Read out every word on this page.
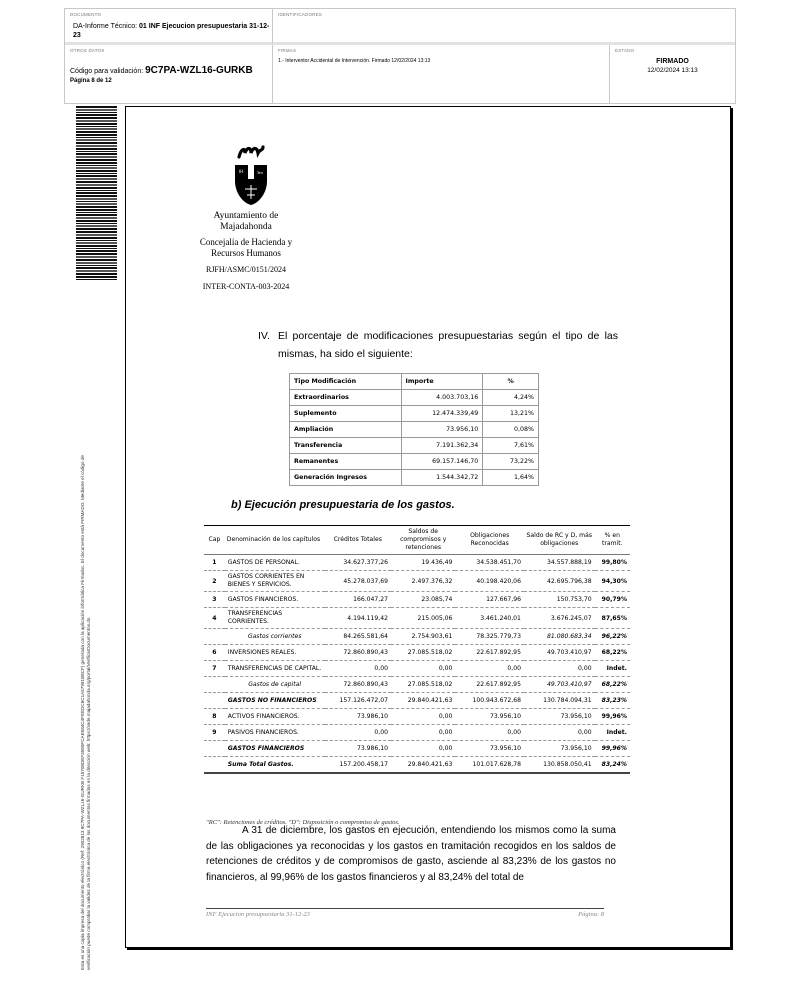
DOCUMENTO
DA-Informe Técnico: 01 INF Ejecucion presupuestaria 31-12-23
IDENTIFICADORES
OTROS DATOS
Código para validación: 9C7PA-WZL16-GURKB
Página 8 de 12
FIRMAS
1.- Interventor Accidental de Intervención. Firmado 12/02/2024 13:13
ESTADO
FIRMADO
12/02/2024 13:13
Esta es una copia impresa del documento electrónico (Ref: 2902813 9C7PA-WZL16-GURKB F15708DEF3580FCAE584C4FEEDC6C1A57991B8CF) generada con la aplicación informática Firmadoc. El documento está FIRMADO. Mediante el código de verificación puede comprobar la validez de la firma electrónica de los documentos firmados en la dirección web: https://sede.majadahonda.org/portal/VerificarDocumentos.do
IH	Ten
Ayuntamiento de
Majadahonda
Concejalía de Hacienda y
Recursos Humanos
RJFH/ASMC/0151/2024
INTER-CONTA-003-2024
IV. El porcentaje de modificaciones presupuestarias según el tipo de las mismas, ha sido el siguiente:
Tipo Modificación	Importe	%
Extraordinarios	4.003.703,16	4,24%
Suplemento	12.474.339,49	13,21%
Ampliación	73.956,10	0,08%
Transferencia	7.191.362,34	7,61%
Remanentes	69.157.146,70	73,22%
Generación Ingresos	1.544.342,72	1,64%
b) Ejecución presupuestaria de los gastos.
Cap	Denominación de los capítulos	Créditos Totales	Saldos de compromisos y retenciones	Obligaciones Reconocidas	Saldo de RC y D, más obligaciones	% en tramit.
1	GASTOS DE PERSONAL.	34.627.377,26	19.436,49	34.538.451,70	34.557.888,19	99,80%
2	GASTOS CORRIENTES EN BIENES Y SERVICIOS.	45.278.037,69	2.497.376,32	40.198.420,06	42.695.796,38	94,30%
3	GASTOS FINANCIEROS.	166.047,27	23.085,74	127.667,96	150.753,70	90,79%
4	TRANSFERENCIAS CORRIENTES.	4.194.119,42	215.005,06	3.461.240,01	3.676.245,07	87,65%
	Gastos corrientes	84.265.581,64	2.754.903,61	78.325.779,73	81.080.683,34	96,22%
6	INVERSIONES REALES.	72.860.890,43	27.085.518,02	22.617.892,95	49.703.410,97	68,22%
7	TRANSFERENCIAS DE CAPITAL.	0,00	0,00	0,00	0,00	Indet.
	Gastos de capital	72.860.890,43	27.085.518,02	22.617.892,95	49.703.410,97	68,22%
	GASTOS NO FINANCIEROS	157.126.472,07	29.840.421,63	100.943.672,68	130.784.094,31	83,23%
8	ACTIVOS FINANCIEROS.	73.986,10	0,00	73.956,10	73.956,10	99,96%
9	PASIVOS FINANCIEROS.	0,00	0,00	0,00	0,00	Indet.
	GASTOS FINANCIEROS	73.986,10	0,00	73.956,10	73.956,10	99,96%
	Suma Total Gastos.	157.200.458,17	29.840.421,63	101.017.628,78	130.858.050,41	83,24%
"RC": Retenciones de créditos. "D": Disposición o compromiso de gastos.

A 31 de diciembre, los gastos en ejecución, entendiendo los mismos como la suma de las obligaciones ya reconocidas y los gastos en tramitación recogidos en los saldos de retenciones de créditos y de compromisos de gasto, asciende al 83,23% de los gastos no financieros, al 99,96% de los gastos financieros y al 83,24% del total de

Página: 8
INF Ejecucion presupuestaria 31-12-23
